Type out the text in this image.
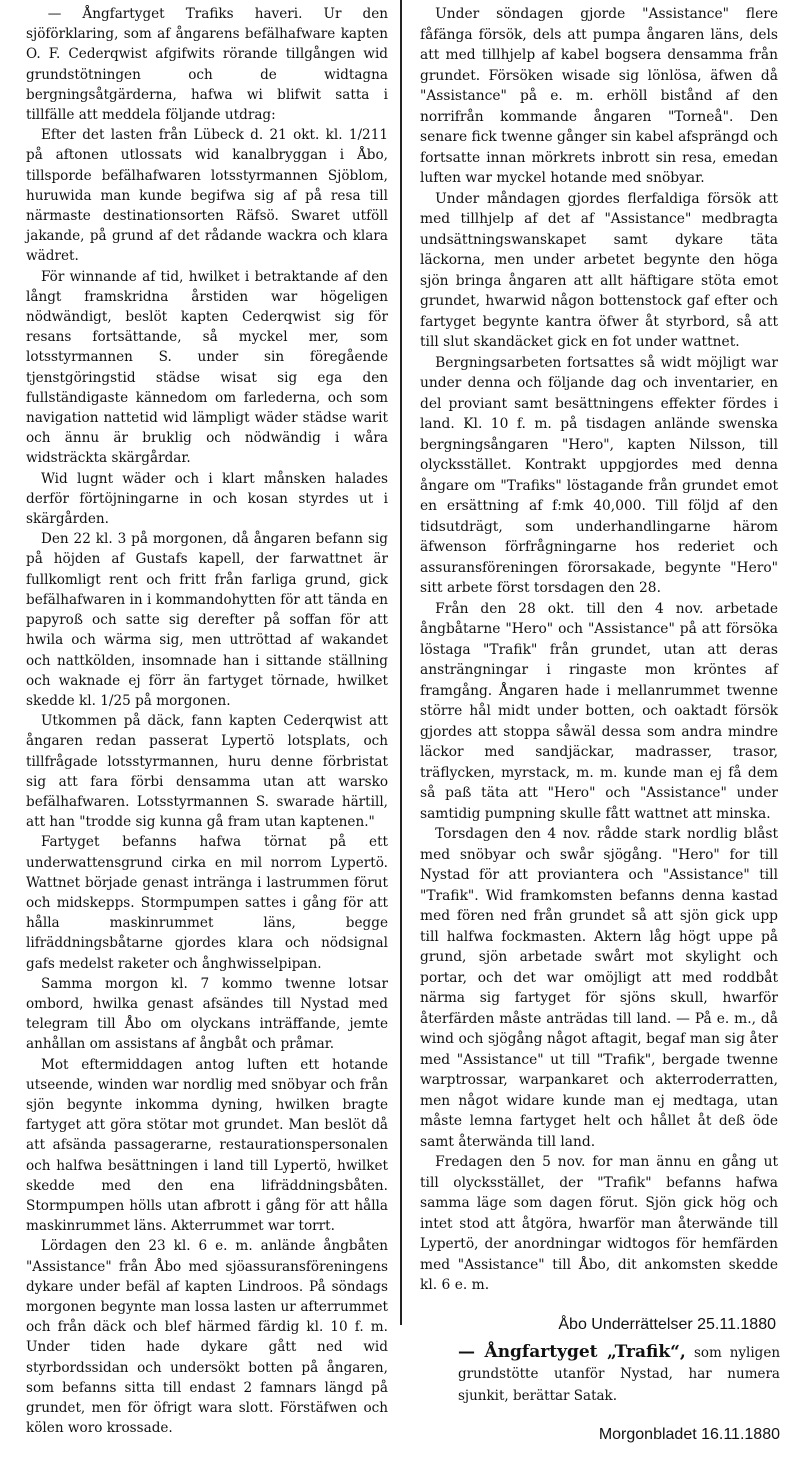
— Ångfartyget Trafiks haveri. Ur den sjöförklaring, som af ångarens befälhafware kapten O. F. Cederqwist afgifwits rörande tillgången wid grundstötningen och de widtagna bergningsåtgärderna, hafwa wi blifwit satta i tillfälle att meddela följande utdrag:

Efter det lasten från Lübeck d. 21 okt. kl. 1/211 på aftonen utlossats wid kanalbryggan i Åbo, tillsporde befälhafwaren lotsstyrmannen Sjöblom, huruwida man kunde begifwa sig af på resa till närmaste destinationsorten Räfsö. Swaret utföll jakande, på grund af det rådande wackra och klara wädret.

För winnande af tid, hwilket i betraktande af den långt framskridna årstiden war högeligen nödwändigt, beslöt kapten Cederqwist sig för resans fortsättande, så myckel mer, som lotsstyrmannen S. under sin föregående tjenstgöringstid städse wisat sig ega den fullständigaste kännedom om farlederna, och som navigation nattetid wid lämpligt wäder städse warit och ännu är bruklig och nödwändig i wåra widsträckta skärgårdar.

Wid lugnt wäder och i klart månsken halades derför förtöjningarne in och kosan styrdes ut i skärgården.

Den 22 kl. 3 på morgonen, då ångaren befann sig på höjden af Gustafs kapell, der farwattnet är fullkomligt rent och fritt från farliga grund, gick befälhafwaren in i kommandohytten för att tända en papyroß och satte sig derefter på soffan för att hwila och wärma sig, men uttröttad af wakandet och nattkölden, insomnade han i sittande ställning och waknade ej förr än fartyget törnade, hwilket skedde kl. 1/25 på morgonen.

Utkommen på däck, fann kapten Cederqwist att ångaren redan passerat Lypertö lotsplats, och tillfrågade lotsstyrmannen, huru denne förbristat sig att fara förbi densamma utan att warsko befälhafwaren. Lotsstyrmannen S. swarade härtill, att han "trodde sig kunna gå fram utan kaptenen."

Fartyget befanns hafwa törnat på ett underwattensgrund cirka en mil norrom Lypertö. Wattnet började genast intränga i lastrummen förut och midskepps. Stormpumpen sattes i gång för att hålla maskinrummet läns, begge lifräddningsbåtarne gjordes klara och nödsignal gafs medelst raketer och ånghwisselpipan.

Samma morgon kl. 7 kommo twenne lotsar ombord, hwilka genast afsändes till Nystad med telegram till Åbo om olyckans inträffande, jemte anhållan om assistans af ångbåt och pråmar.

Mot eftermiddagen antog luften ett hotande utseende, winden war nordlig med snöbyar och från sjön begynte inkomma dyning, hwilken bragte fartyget att göra stötar mot grundet. Man beslöt då att afsända passagerarne, restaurationspersonalen och halfwa besättningen i land till Lypertö, hwilket skedde med den ena lifräddningsbåten. Stormpumpen hölls utan afbrott i gång för att hålla maskinrummet läns. Akterrummet war torrt.

Lördagen den 23 kl. 6 e. m. anlände ångbåten "Assistance" från Åbo med sjöassuransföreningens dykare under befäl af kapten Lindroos. På söndags morgonen begynte man lossa lasten ur afterrummet och från däck och blef härmed färdig kl. 10 f. m. Under tiden hade dykare gått ned wid styrbordssidan och undersökt botten på ångaren, som befanns sitta till endast 2 famnars längd på grundet, men för öfrigt wara slott. Förstäfwen och kölen woro krossade.

Under söndagen gjorde "Assistance" flere fåfänga försök, dels att pumpa ångaren läns, dels att med tillhjelp af kabel bogsera densamma från grundet. Försöken wisade sig lönlösa, äfwen då "Assistance" på e. m. erhöll bistånd af den norrifrån kommande ångaren "Torneå". Den senare fick twenne gånger sin kabel afsprängd och fortsatte innan mörkrets inbrott sin resa, emedan luften war myckel hotande med snöbyar.

Under måndagen gjordes flerfaldiga försök att med tillhjelp af det af "Assistance" medbragta undsättningswanskapet samt dykare täta läckorna, men under arbetet begynte den höga sjön bringa ångaren att allt häftigare stöta emot grundet, hwarwid någon bottenstock gaf efter och fartyget begynte kantra öfwer åt styrbord, så att till slut skandäcket gick en fot under wattnet.

Bergningsarbeten fortsattes så widt möjligt war under denna och följande dag och inventarier, en del proviant samt besättningens effekter fördes i land. Kl. 10 f. m. på tisdagen anlände swenska bergningsångaren "Hero", kapten Nilsson, till olycksstället. Kontrakt uppgjordes med denna ångare om "Trafiks" löstagande från grundet emot en ersättning af f:mk 40,000. Till följd af den tidsutdrägt, som underhandlingarne härom äfwenson förfrågningarne hos rederiet och assuransföreningen förorsakade, begynte "Hero" sitt arbete först torsdagen den 28.

Från den 28 okt. till den 4 nov. arbetade ångbåtarne "Hero" och "Assistance" på att försöka löstaga "Trafik" från grundet, utan att deras ansträngningar i ringaste mon kröntes af framgång. Ångaren hade i mellanrummet twenne större hål midt under botten, och oaktadt försök gjordes att stoppa såwäl dessa som andra mindre läckor med sandjäckar, madrasser, trasor, träflycken, myrstack, m. m. kunde man ej få dem så paß täta att "Hero" och "Assistance" under samtidig pumpning skulle fått wattnet att minska.

Torsdagen den 4 nov. rådde stark nordlig blåst med snöbyar och swår sjögång. "Hero" for till Nystad för att proviantera och "Assistance" till "Trafik". Wid framkomsten befanns denna kastad med fören ned från grundet så att sjön gick upp till halfwa fockmasten. Aktern låg högt uppe på grund, sjön arbetade swårt mot skylight och portar, och det war omöjligt att med roddbåt närma sig fartyget för sjöns skull, hwarför återfärden måste anträdas till land. — På e. m., då wind och sjögång något aftagit, begaf man sig åter med "Assistance" ut till "Trafik", bergade twenne warptrossar, warpankaret och akterroderratten, men något widare kunde man ej medtaga, utan måste lemna fartyget helt och hållet åt deß öde samt återwända till land.

Fredagen den 5 nov. for man ännu en gång ut till olycksstället, der "Trafik" befanns hafwa samma läge som dagen förut. Sjön gick hög och intet stod att åtgöra, hwarför man återwände till Lypertö, der anordningar widtogos för hemfärden med "Assistance" till Åbo, dit ankomsten skedde kl. 6 e. m.

Åbo Underrättelser 25.11.1880

— Ångfartyget „Trafik“, som nyligen grundstötte utanför Nystad, har numera sjunkit, berättar Satak.

Morgonbladet 16.11.1880
